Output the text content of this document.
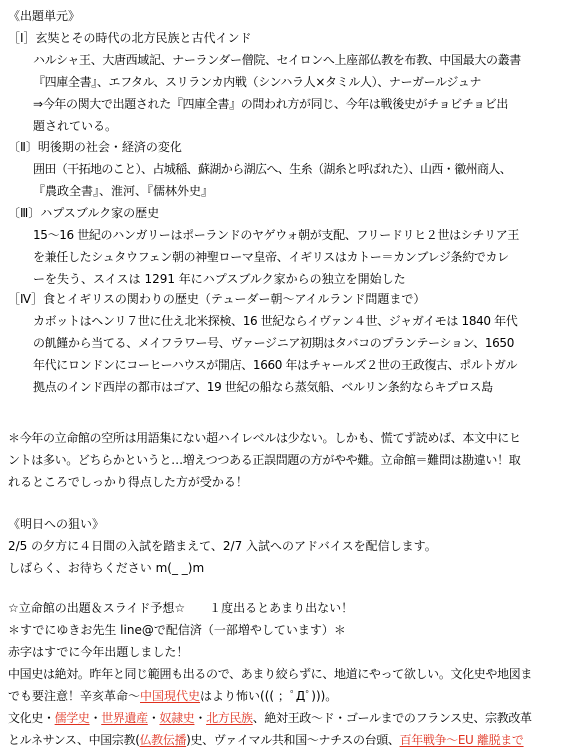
《出題単元》
［Ⅰ］玄奘とその時代の北方民族と古代インド
ハルシャ王、大唐西域記、ナーランダー僧院、セイロンへ上座部仏教を布教、中国最大の叢書
『四庫全書』、エフタル、スリランカ内戦（シンハラ人×タミル人）、ナーガールジュナ
⇒今年の関大で出題された『四庫全書』の問われ方が同じ、今年は戦後史がチョビチョビ出
題されている。
〔Ⅱ〕明後期の社会・経済の変化
囲田（干拓地のこと）、占城稲、蘇湖から湖広へ、生糸（湖糸と呼ばれた）、山西・徽州商人、
『農政全書』、淮河、『儒林外史』
〔Ⅲ〕ハプスブルク家の歴史
15～16 世紀のハンガリーはポーランドのヤゲウォ朝が支配、フリードリヒ２世はシチリア王
を兼任したシュタウフェン朝の神聖ローマ皇帝、イギリスはカトー＝カンブレジ条約でカレ
ーを失う、スイスは 1291 年にハプスブルク家からの独立を開始した
［Ⅳ］食とイギリスの関わりの歴史（テューダー朝～アイルランド問題まで）
カボットはヘンリ７世に仕え北米探検、16 世紀ならイヴァン４世、ジャガイモは 1840 年代
の飢饉から当てる、メイフラワー号、ヴァージニア初期はタバコのプランテーション、1650
年代にロンドンにコーヒーハウスが開店、1660 年はチャールズ２世の王政復古、ポルトガル
拠点のインド西岸の都市はゴア、19 世紀の船なら蒸気船、ベルリン条約ならキプロス島
＊今年の立命館の空所は用語集にない超ハイレベルは少ない。しかも、慌てず読めば、本文中にヒ
ントは多い。どちらかというと…増えつつある正誤問題の方がやや難。立命館＝難問は勘違い！取
れるところでしっかり得点した方が受かる！
《明日への狙い》
2/5 の夕方に４日間の入試を踏まえて、2/7 入試へのアドバイスを配信します。
しばらく、お待ちください m(_ _)m
☆立命館の出題＆スライド予想☆　　１度出るとあまり出ない！
＊すでにゆきお先生 line@で配信済（一部増やしています）＊
赤字はすでに今年出題しました！
中国史は絶対。昨年と同じ範囲も出るので、あまり絞らずに、地道にやって欲しい。文化史や地図ま
でも要注意！辛亥革命～中国現代史はより怖い((( ；ﾟДﾟ)))。
文化史・儒学史・世界遺産・奴隷史・北方民族、絶対王政～ド・ゴールまでのフランス史、宗教改革
とルネサンス、中国宗教(仏教伝播)史、ヴァイマル共和国～ナチスの台頭、百年戦争～EU 離脱まで
